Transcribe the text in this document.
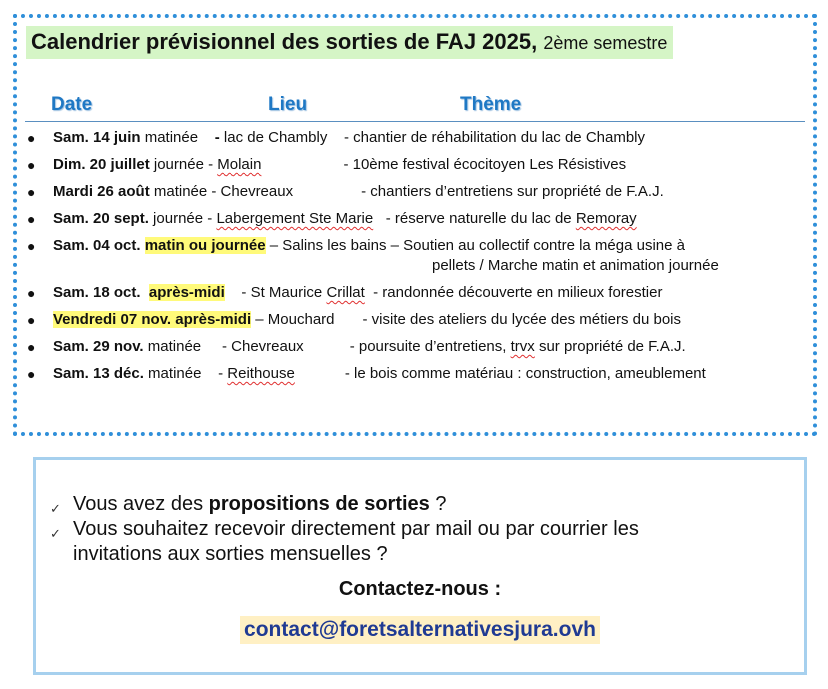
Calendrier prévisionnel des sorties de FAJ 2025, 2ème semestre
Date	Lieu	Thème
● Sam. 14 juin matinée - lac de Chambly - chantier de réhabilitation du lac de Chambly
● Dim. 20 juillet journée - Molain	- 10ème festival écocitoyen Les Résistives
● Mardi 26 août matinée - Chevreaux	- chantiers d’entretiens sur propriété de F.A.J.
● Sam. 20 sept. journée - Labergement Ste Marie - réserve naturelle du lac de Remoray
● Sam. 04 oct. matin ou journée – Salins les bains – Soutien au collectif contre la méga usine à
pellets / Marche matin et animation journée
● Sam. 18 oct. après-midi - St Maurice Crillat - randonnée découverte en milieux forestier
● Vendredi 07 nov. après-midi – Mouchard - visite des ateliers du lycée des métiers du bois
● Sam. 29 nov. matinée - Chevreaux	- poursuite d’entretiens, trvx sur propriété de F.A.J.
● Sam. 13 déc. matinée - Reithouse	- le bois comme matériau : construction, ameublement
✓ Vous avez des propositions de sorties ?
✓ Vous souhaitez recevoir directement par mail ou par courrier les
invitations aux sorties mensuelles ?
Contactez-nous :
contact@foretsalternativesjura.ovh
